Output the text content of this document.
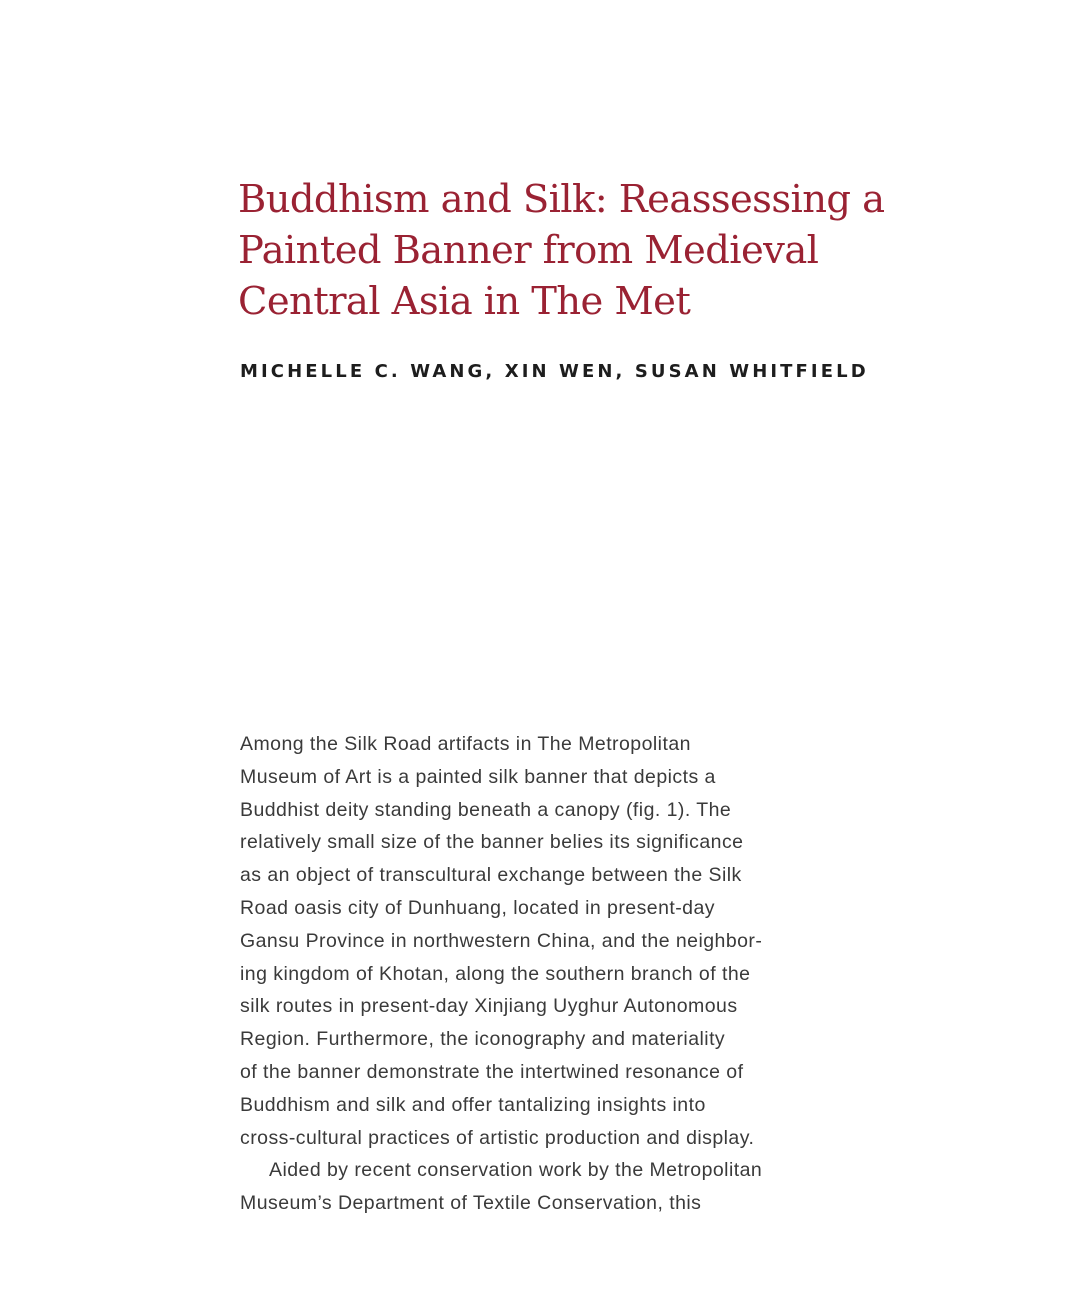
Buddhism and Silk: Reassessing a
Painted Banner from Medieval
Central Asia in The Met
MICHELLE C. WANG, XIN WEN, SUSAN WHITFIELD
Among the Silk Road artifacts in The Metropolitan
Museum of Art is a painted silk banner that depicts a
Buddhist deity standing beneath a canopy (fig. 1). The
relatively small size of the banner belies its significance
as an object of transcultural exchange between the Silk
Road oasis city of Dunhuang, located in present-day
Gansu Province in northwestern China, and the neighbor-
ing kingdom of Khotan, along the southern branch of the
silk routes in present-day Xinjiang Uyghur Autonomous
Region. Furthermore, the iconography and materiality
of the banner demonstrate the intertwined resonance of
Buddhism and silk and offer tantalizing insights into
cross-cultural practices of artistic production and display.
Aided by recent conservation work by the Metropolitan
Museum’s Department of Textile Conservation, this
